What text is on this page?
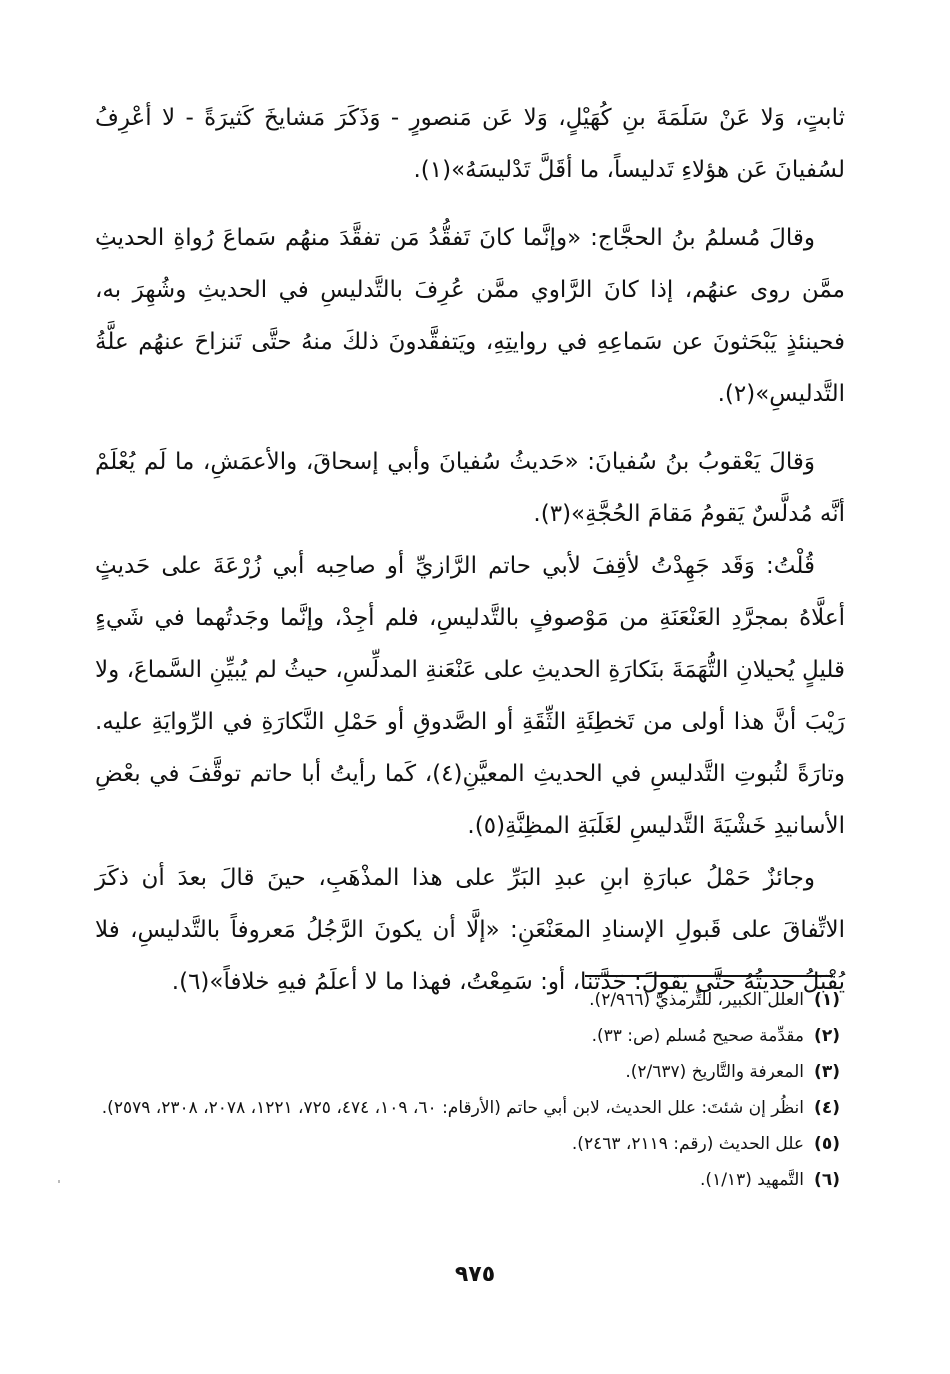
ثابتٍ، وَلا عَنْ سَلَمَةَ بنِ كُهَيْلٍ، وَلا عَن مَنصورٍ - وَذَكَرَ مَشايخَ كَثيرَةً - لا أعْرِفُ لسُفيانَ عَن هؤلاءِ تَدليساً، ما أقَلَّ تَدْليسَهُ»(١).

وقالَ مُسلمُ بنُ الحجَّاج: «وإنَّما كانَ تَفقُّدُ مَن تفقَّدَ منهُم سَماعَ رُواةِ الحديثِ ممَّن روى عنهُم، إذا كانَ الرَّاوي ممَّن عُرِفَ بالتَّدليسِ في الحديثِ وشُهِرَ به، فحينئذٍ يَبْحَثونَ عن سَماعِهِ في روايتِهِ، ويَتفقَّدونَ ذلكَ منهُ حتَّى تَنزاحَ عنهُم علَّةُ التَّدليسِ»(٢).

وَقالَ يَعْقوبُ بنُ سُفيانَ: «حَديثُ سُفيانَ وأبي إسحاقَ، والأعمَشِ، ما لَم يُعْلَمْ أنَّه مُدلَّسٌ يَقومُ مَقامَ الحُجَّةِ»(٣).

قُلْتُ: وَقَد جَهِدْتُ لأقِفَ لأبي حاتم الرَّازيِّ أو صاحِبه أبي زُرْعَةَ على حَديثٍ أعلَّاهُ بمجرَّدِ العَنْعَنَةِ من مَوْصوفٍ بالتَّدليسِ، فلم أجِدْ، وإنَّما وجَدتُهما في شَيءٍ قليلٍ يُحيلانِ التُّهَمَةَ بنَكارَةِ الحديثِ على عَنْعَنةِ المدلِّسِ، حيثُ لم يُبيِّنِ السَّماعَ، ولا رَيْبَ أنَّ هذا أولى من تَخطِئَةِ الثِّقَةِ أو الصَّدوقِ أو حَمْلِ النَّكارَةِ في الرِّوايَةِ عليه. وتارَةً لثُبوتِ التَّدليسِ في الحديثِ المعيَّنِ(٤)، كَما رأيتُ أبا حاتم توقَّفَ في بعْضِ الأسانيدِ خَشْيَةَ التَّدليسِ لغَلَبَةِ المظِنَّةِ(٥).

وجائزٌ حَمْلُ عبارَةِ ابنِ عبدِ البَرِّ على هذا المذْهَبِ، حينَ قالَ بعدَ أن ذكَرَ الاتِّفاقَ على قَبولِ الإسنادِ المعَنْعَنِ: «إلَّا أن يكونَ الرَّجُلُ مَعروفاً بالتَّدليسِ، فلا يُقْبَلُ حديثُهُ حتَّى يَقولَ: حَدَّثنا، أو: سَمِعْتُ، فهذا ما لا أعلَمُ فيهِ خلافاً»(٦).

(١)
العلل الكبير، للتِّرمذيّ (٢/٩٦٦).
(٢)
مقدِّمة صحيح مُسلم (ص: ٣٣).
(٣)
المعرفة والتَّاريخ (٢/٦٣٧).
(٤)
انظُر إن شئتَ: علل الحديث، لابن أبي حاتم (الأرقام: ٦٠، ١٠٩، ٤٧٤، ٧٢٥، ١٢٢١، ٢٠٧٨، ٢٣٠٨، ٢٥٧٩).
(٥)
علل الحديث (رقم: ٢١١٩، ٢٤٦٣).
(٦)
التَّمهيد (١/١٣).
٩٧٥
